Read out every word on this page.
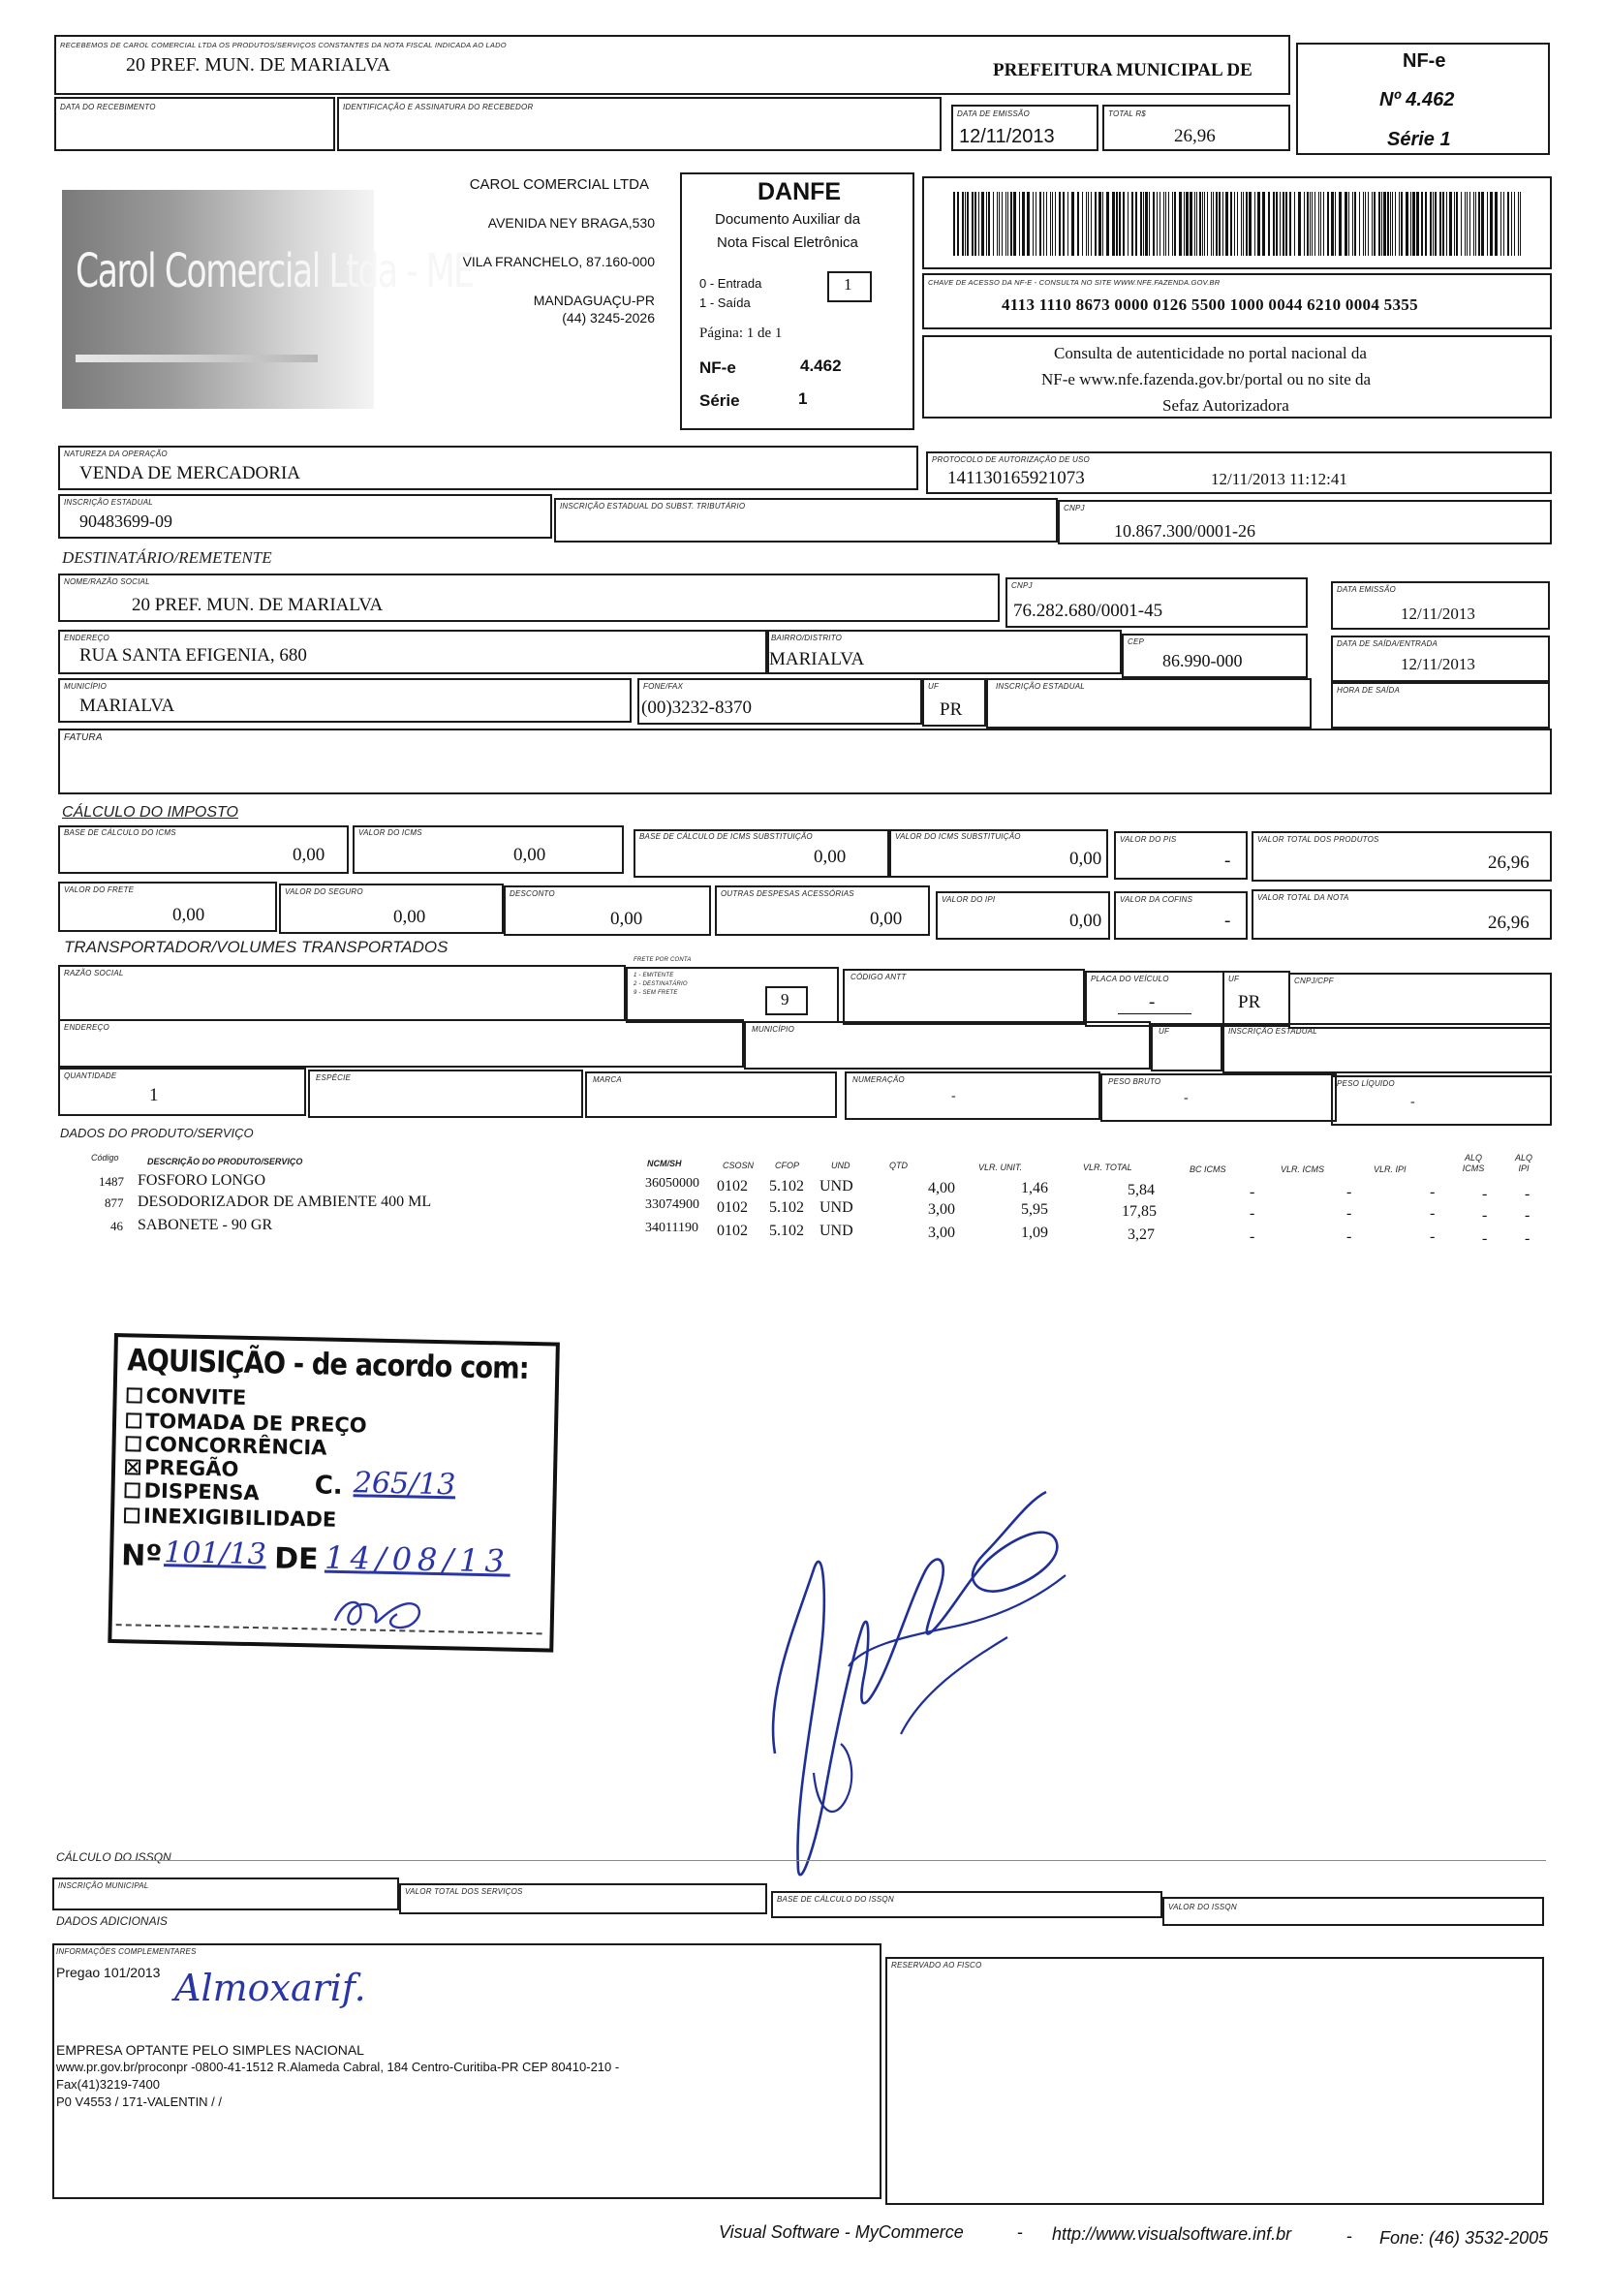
RECEBEMOS DE CAROL COMERCIAL LTDA OS PRODUTOS/SERVIÇOS CONSTANTES DA NOTA FISCAL INDICADA AO LADO
20 PREF. MUN. DE MARIALVA	PREFEITURA MUNICIPAL DE
DATA DO RECEBIMENTO	IDENTIFICAÇÃO E ASSINATURA DO RECEBEDOR
DATA DE EMISSÃO
12/11/2013
TOTAL R$
26,96
NF-e
Nº 4.462
Série 1
Carol Comercial Ltda - ME
CAROL COMERCIAL LTDA
AVENIDA NEY BRAGA,530
VILA FRANCHELO, 87.160-000
MANDAGUAÇU-PR
(44) 3245-2026
DANFE
Documento Auxiliar da
Nota Fiscal Eletrônica
0 - Entrada
1 - Saída
1
Página: 1 de 1
NF-e	4.462
Série	1
CHAVE DE ACESSO DA NF-E - CONSULTA NO SITE WWW.NFE.FAZENDA.GOV.BR
4113 1110 8673 0000 0126 5500 1000 0044 6210 0004 5355
Consulta de autenticidade no portal nacional da
NF-e www.nfe.fazenda.gov.br/portal ou no site da
Sefaz Autorizadora
NATUREZA DA OPERAÇÃO
VENDA DE MERCADORIA
PROTOCOLO DE AUTORIZAÇÃO DE USO
141130165921073	12/11/2013 11:12:41
INSCRIÇÃO ESTADUAL
90483699-09
INSCRIÇÃO ESTADUAL DO SUBST. TRIBUTÁRIO	CNPJ
10.867.300/0001-26
DESTINATÁRIO/REMETENTE
NOME/RAZÃO SOCIAL
20 PREF. MUN. DE MARIALVA
CNPJ
76.282.680/0001-45
DATA EMISSÃO
12/11/2013
ENDEREÇO
RUA SANTA EFIGENIA, 680
BAIRRO/DISTRITO
MARIALVA
CEP
86.990-000
DATA DE SAÍDA/ENTRADA
12/11/2013
MUNICÍPIO
MARIALVA
FONE/FAX
(00)3232-8370
UF
PR
INSCRIÇÃO ESTADUAL	HORA DE SAÍDA
FATURA
CÁLCULO DO IMPOSTO
BASE DE CÁLCULO DO ICMS
0,00
VALOR DO ICMS
0,00
BASE DE CÁLCULO DE ICMS SUBSTITUIÇÃO
0,00
VALOR DO ICMS SUBSTITUIÇÃO
0,00
VALOR DO PIS
-
VALOR TOTAL DOS PRODUTOS
26,96
VALOR DO FRETE
0,00
VALOR DO SEGURO
0,00
DESCONTO
0,00
OUTRAS DESPESAS ACESSÓRIAS
0,00
VALOR DO IPI
0,00
VALOR DA COFINS
-
VALOR TOTAL DA NOTA
26,96
TRANSPORTADOR/VOLUMES TRANSPORTADOS
RAZÃO SOCIAL
FRETE POR CONTA
1 - EMITENTE
2 - DESTINATÁRIO
9 - SEM FRETE	9
CÓDIGO ANTT	PLACA DO VEÍCULO
-
UF
PR
CNPJ/CPF
ENDEREÇO	MUNICÍPIO	UF	INSCRIÇÃO ESTADUAL
QUANTIDADE
1
ESPÉCIE	MARCA	NUMERAÇÃO
-
PESO BRUTO
-
PESO LÍQUIDO
-
DADOS DO PRODUTO/SERVIÇO
Código	DESCRIÇÃO DO PRODUTO/SERVIÇO	NCM/SH	CSOSN CFOP	UND	QTD	VLR. UNIT.	VLR. TOTAL	BC ICMS	VLR. ICMS	VLR. IPI
ALQ ICMS
ALQ IPI
1487 FOSFORO LONGO	36050000 0102 5.102 UND	4,00	1,46	5,84	-	-	-	- -
877 DESODORIZADOR DE AMBIENTE 400 ML	33074900 0102 5.102 UND	3,00	5,95	17,85	-	-	-	- -
46 SABONETE - 90 GR	34011190 0102 5.102 UND	3,00	1,09	3,27	-	-	-	- -
AQUISIÇÃO - de acordo com:
CONVITE
TOMADA DE PREÇO
CONCORRÊNCIA
PREGÃO
DISPENSA
INEXIGIBILIDADE
C. 265/13
Nº 101/13 DE 14/08/13
CÁLCULO DO ISSQN
INSCRIÇÃO MUNICIPAL
VALOR TOTAL DOS SERVIÇOS
BASE DE CÁLCULO DO ISSQN
VALOR DO ISSQN
DADOS ADICIONAIS
INFORMAÇÕES COMPLEMENTARES
Pregao 101/2013 Almoxarif.
EMPRESA OPTANTE PELO SIMPLES NACIONAL
www.pr.gov.br/proconpr -0800-41-1512 R.Alameda Cabral, 184 Centro-Curitiba-PR CEP 80410-210 -
Fax(41)3219-7400
P0 V4553 / 171-VALENTIN / /
RESERVADO AO FISCO
Visual Software - MyCommerce	- http://www.visualsoftware.inf.br	- Fone: (46) 3532-2005
